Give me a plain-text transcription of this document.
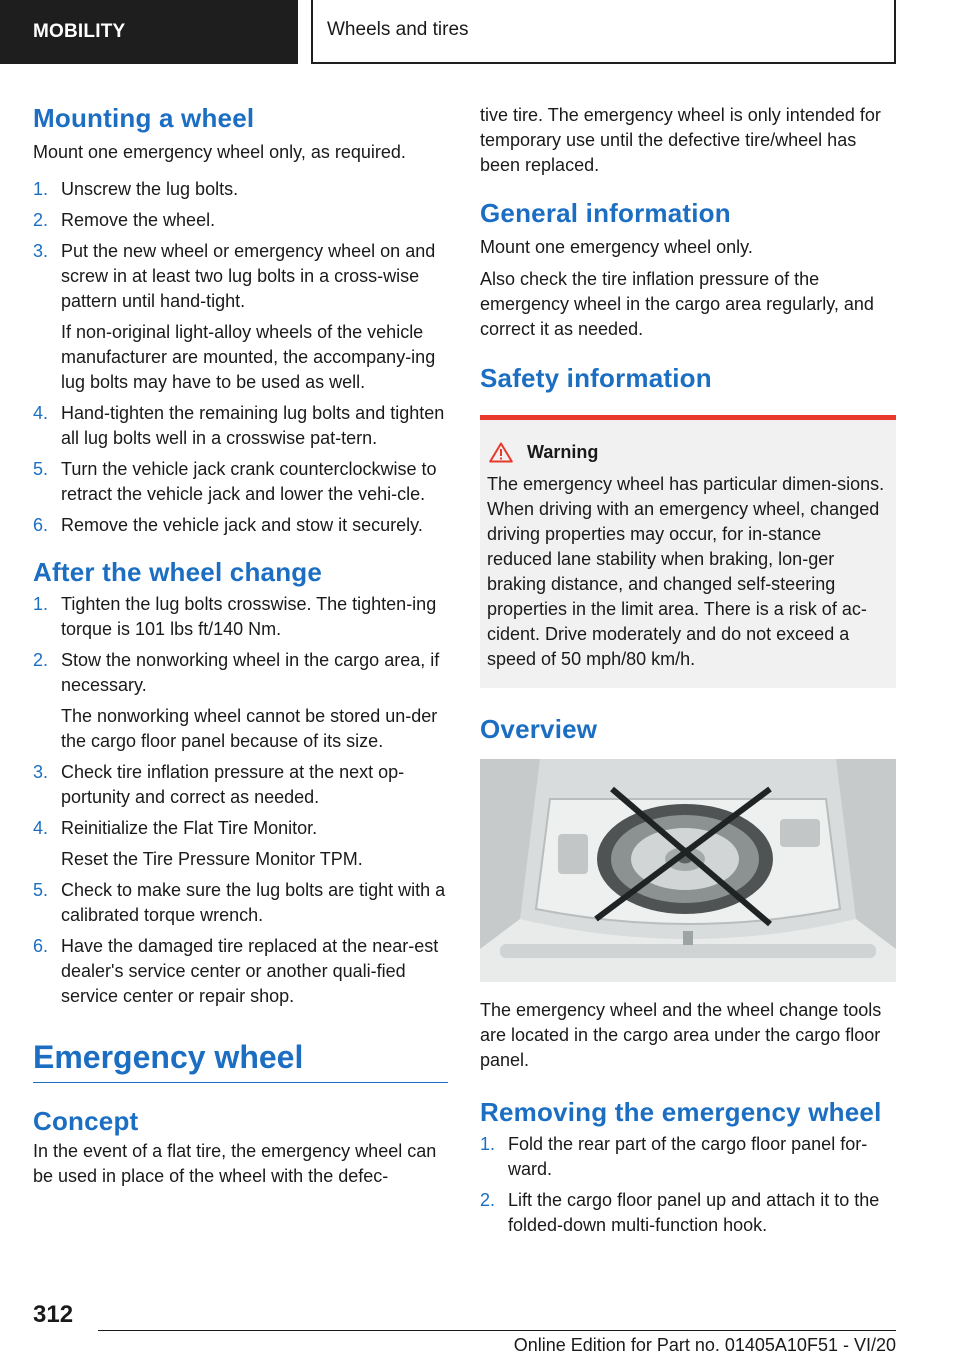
MOBILITY	Wheels and tires
Mounting a wheel

Mount one emergency wheel only, as required.

1. Unscrew the lug bolts.
2. Remove the wheel.
3. Put the new wheel or emergency wheel on and screw in at least two lug bolts in a cross-wise pattern until hand-tight.

If non-original light-alloy wheels of the vehicle manufacturer are mounted, the accompany-ing lug bolts may have to be used as well.

4. Hand-tighten the remaining lug bolts and tighten all lug bolts well in a crosswise pat-tern.
5. Turn the vehicle jack crank counterclockwise to retract the vehicle jack and lower the vehi-cle.
6. Remove the vehicle jack and stow it securely.
After the wheel change
1. Tighten the lug bolts crosswise. The tighten-ing torque is 101 lbs ft/140 Nm.
2. Stow the nonworking wheel in the cargo area, if necessary.

The nonworking wheel cannot be stored un-der the cargo floor panel because of its size.

3. Check tire inflation pressure at the next op-portunity and correct as needed.
4. Reinitialize the Flat Tire Monitor.

Reset the Tire Pressure Monitor TPM.

5. Check to make sure the lug bolts are tight with a calibrated torque wrench.
6. Have the damaged tire replaced at the near-est dealer's service center or another quali-fied service center or repair shop.
Emergency wheel
Concept

In the event of a flat tire, the emergency wheel can be used in place of the wheel with the defec-

tive tire. The emergency wheel is only intended for temporary use until the defective tire/wheel has been replaced.

General information

Mount one emergency wheel only.

Also check the tire inflation pressure of the emergency wheel in the cargo area regularly, and correct it as needed.

Safety information
Warning

The emergency wheel has particular dimen-sions. When driving with an emergency wheel, changed driving properties may occur, for in-stance reduced lane stability when braking, lon-ger braking distance, and changed self-steering properties in the limit area. There is a risk of ac-cident. Drive moderately and do not exceed a speed of 50 mph/80 km/h.

Overview

The emergency wheel and the wheel change tools are located in the cargo area under the cargo floor panel.

Removing the emergency wheel
1. Fold the rear part of the cargo floor panel for-ward.
2. Lift the cargo floor panel up and attach it to the folded-down multi-function hook.
312
Online Edition for Part no. 01405A10F51 - VI/20
